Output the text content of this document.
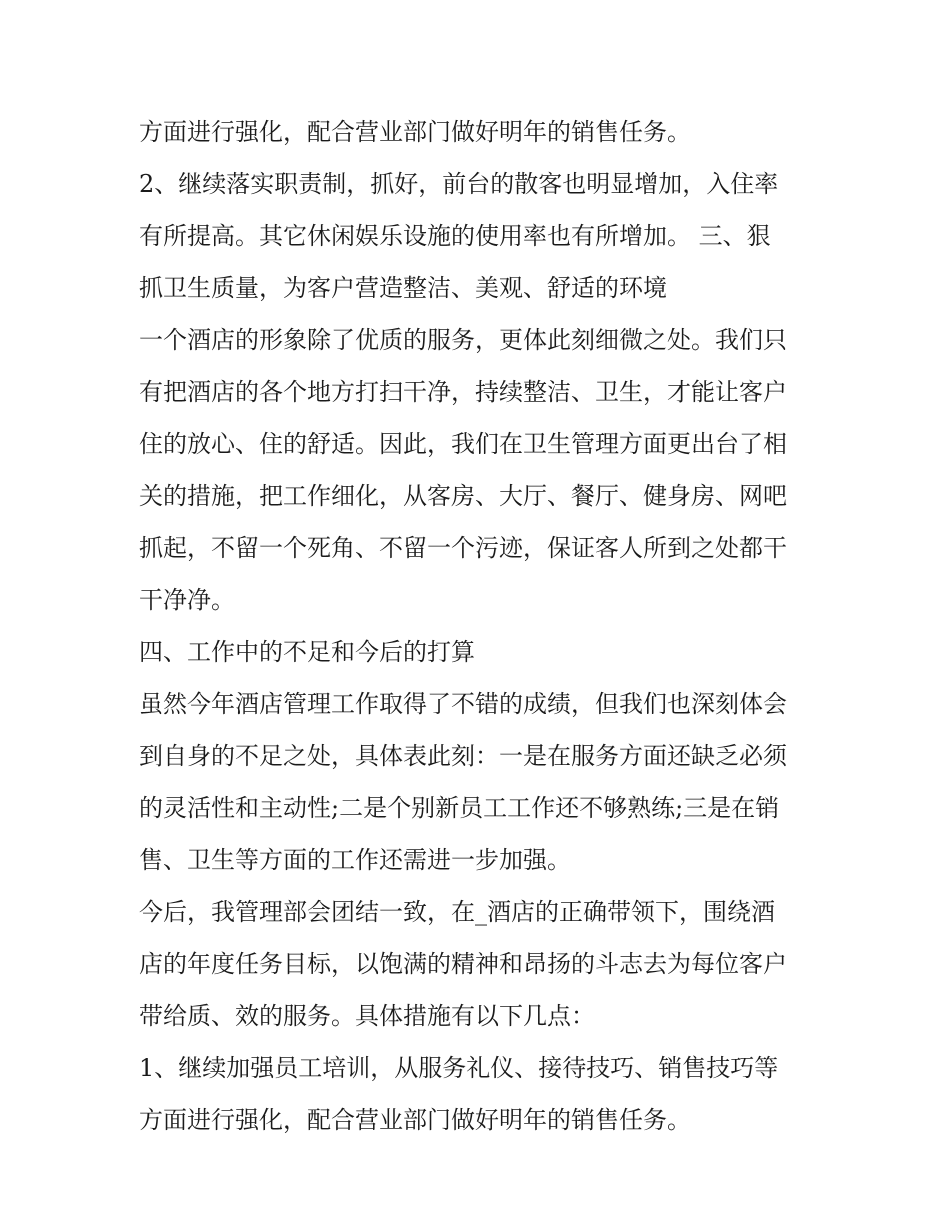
方面进行强化，配合营业部门做好明年的销售任务。
2、继续落实职责制，抓好，前台的散客也明显增加，入住率
有所提高。其它休闲娱乐设施的使用率也有所增加。 三、狠
抓卫生质量，为客户营造整洁、美观、舒适的环境
一个酒店的形象除了优质的服务，更体此刻细微之处。我们只
有把酒店的各个地方打扫干净，持续整洁、卫生，才能让客户
住的放心、住的舒适。因此，我们在卫生管理方面更出台了相
关的措施，把工作细化，从客房、大厅、餐厅、健身房、网吧
抓起，不留一个死角、不留一个污迹，保证客人所到之处都干
干净净。
四、工作中的不足和今后的打算
虽然今年酒店管理工作取得了不错的成绩，但我们也深刻体会
到自身的不足之处，具体表此刻：一是在服务方面还缺乏必须
的灵活性和主动性;二是个别新员工工作还不够熟练;三是在销
售、卫生等方面的工作还需进一步加强。
今后，我管理部会团结一致，在_酒店的正确带领下，围绕酒
店的年度任务目标，以饱满的精神和昂扬的斗志去为每位客户
带给质、效的服务。具体措施有以下几点：
1、继续加强员工培训，从服务礼仪、接待技巧、销售技巧等
方面进行强化，配合营业部门做好明年的销售任务。
